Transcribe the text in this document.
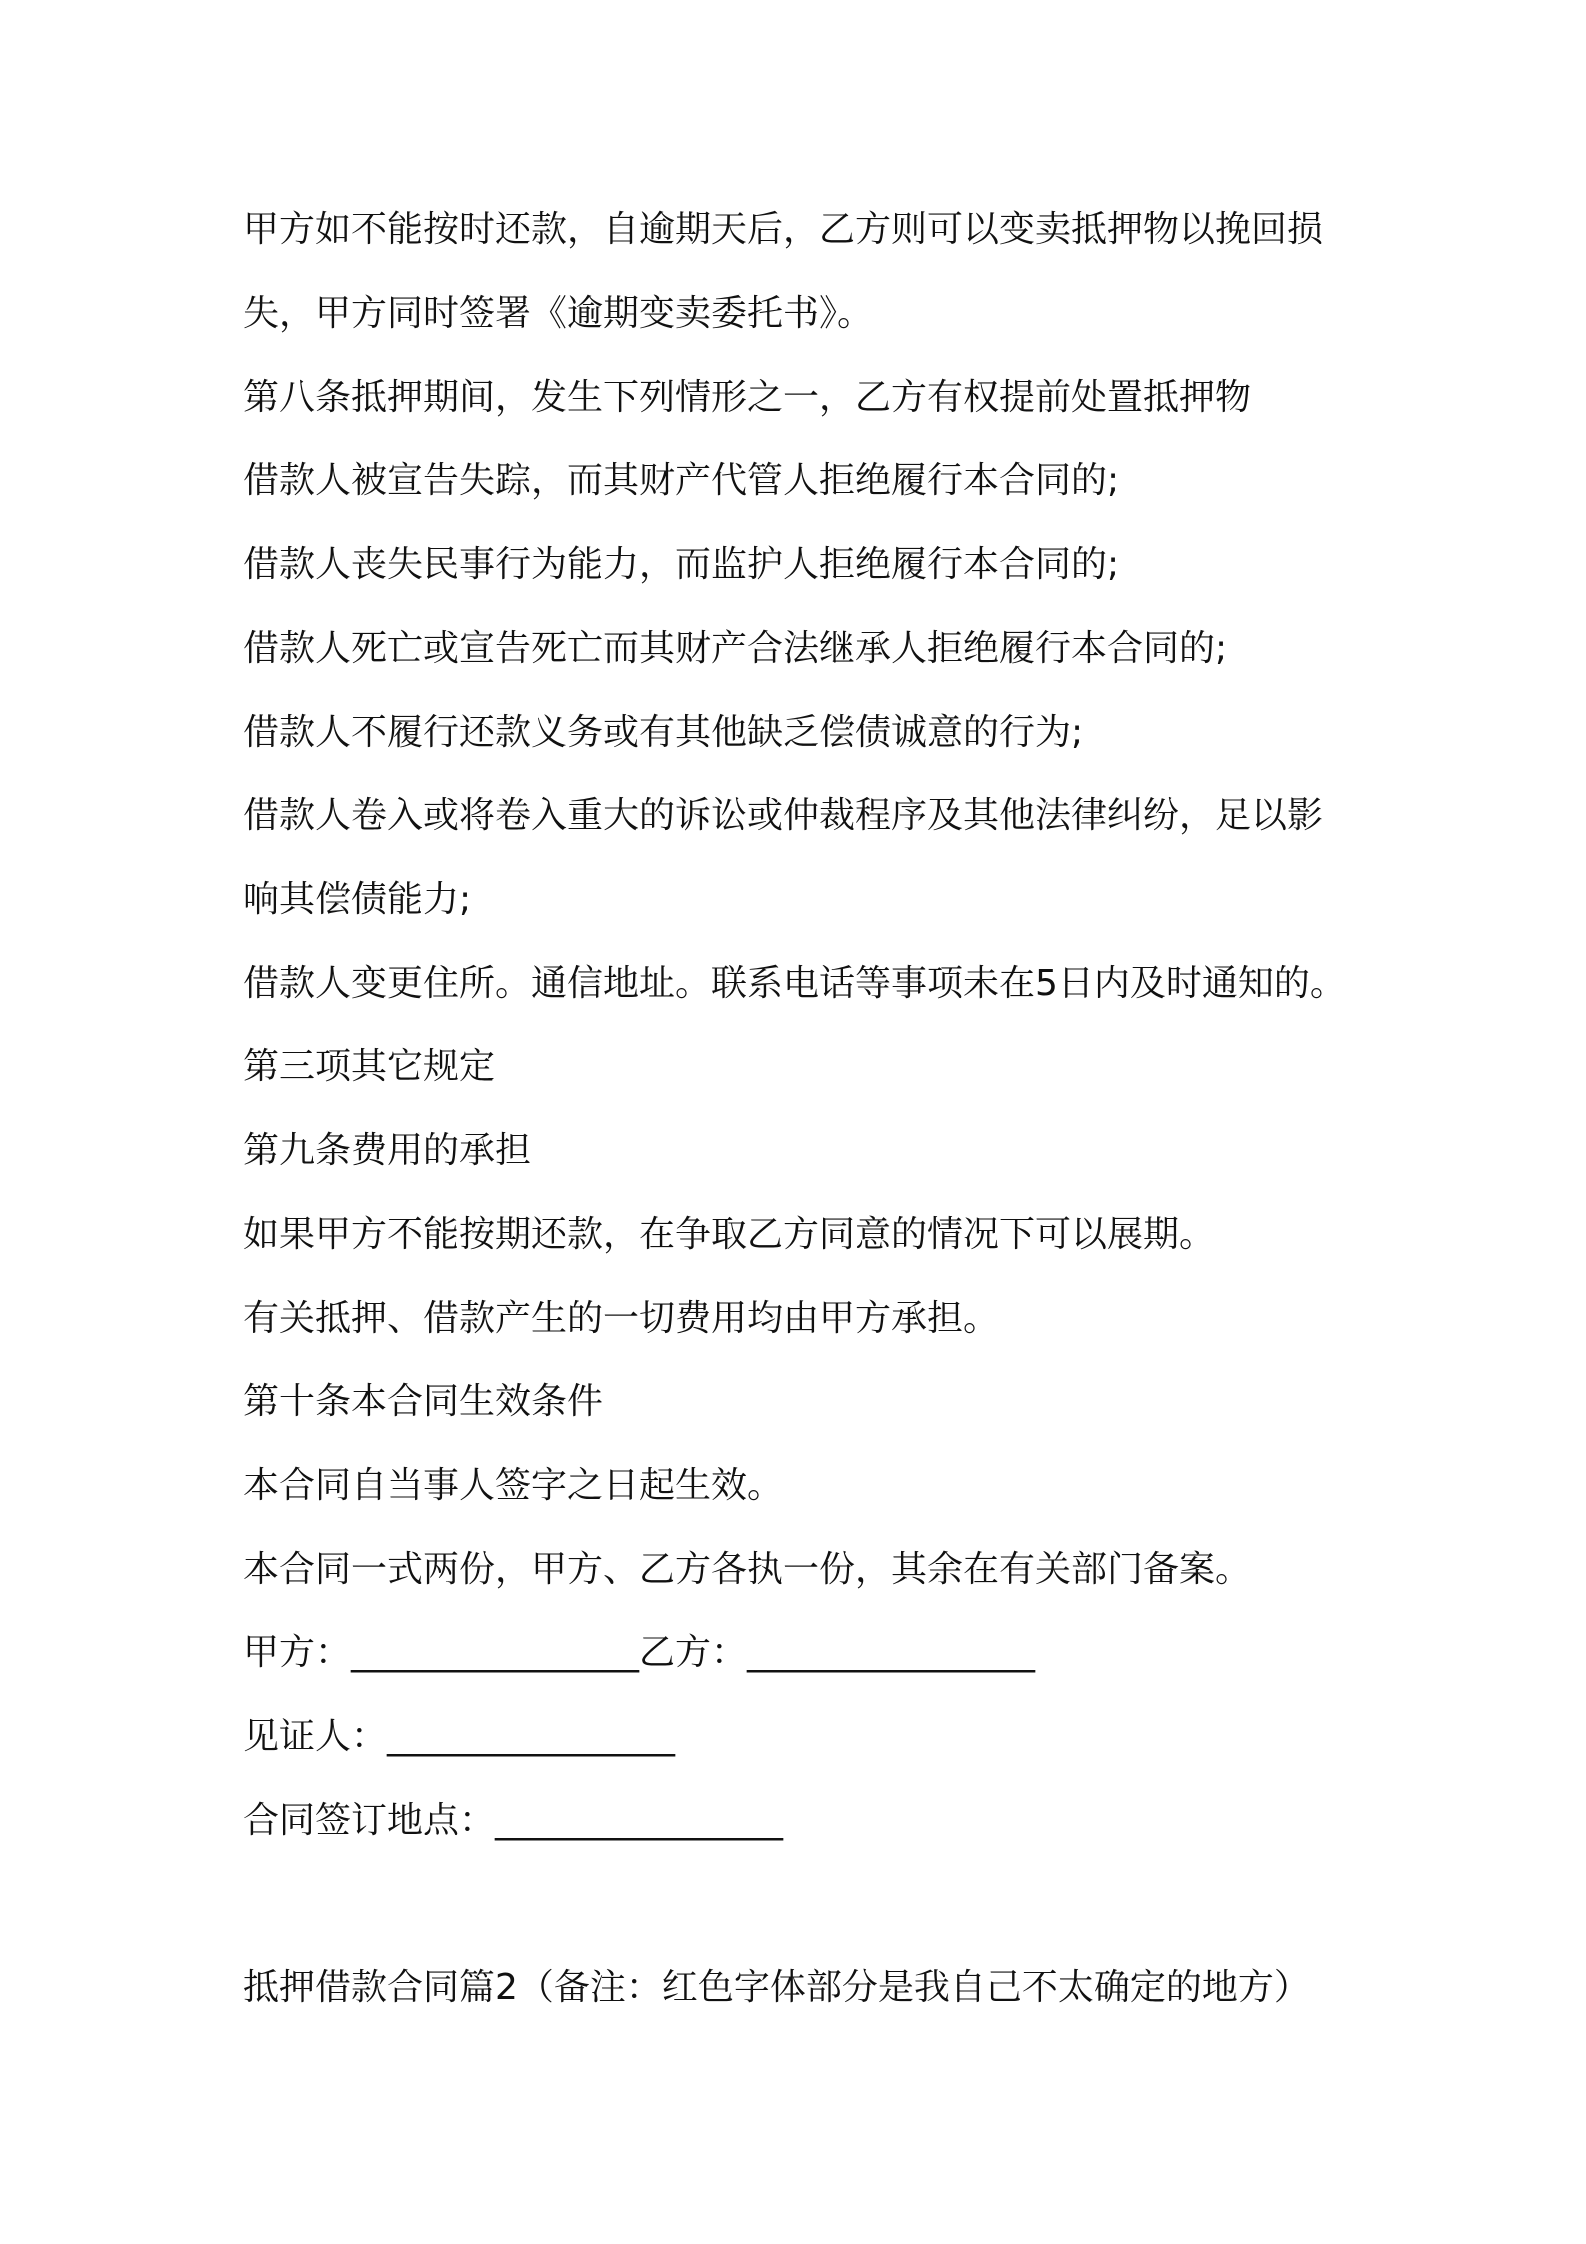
甲方如不能按时还款，自逾期天后，乙方则可以变卖抵押物以挽回损
失，甲方同时签署《逾期变卖委托书》。
第八条抵押期间，发生下列情形之一，乙方有权提前处置抵押物
借款人被宣告失踪，而其财产代管人拒绝履行本合同的;
借款人丧失民事行为能力，而监护人拒绝履行本合同的;
借款人死亡或宣告死亡而其财产合法继承人拒绝履行本合同的;
借款人不履行还款义务或有其他缺乏偿债诚意的行为;
借款人卷入或将卷入重大的诉讼或仲裁程序及其他法律纠纷，足以影
响其偿债能力;
借款人变更住所。通信地址。联系电话等事项未在5日内及时通知的。
第三项其它规定
第九条费用的承担
如果甲方不能按期还款，在争取乙方同意的情况下可以展期。
有关抵押、借款产生的一切费用均由甲方承担。
第十条本合同生效条件
本合同自当事人签字之日起生效。
本合同一式两份，甲方、乙方各执一份，其余在有关部门备案。
甲方：________________乙方：________________
见证人：________________
合同签订地点：________________
抵押借款合同篇2（备注：红色字体部分是我自己不太确定的地方）
